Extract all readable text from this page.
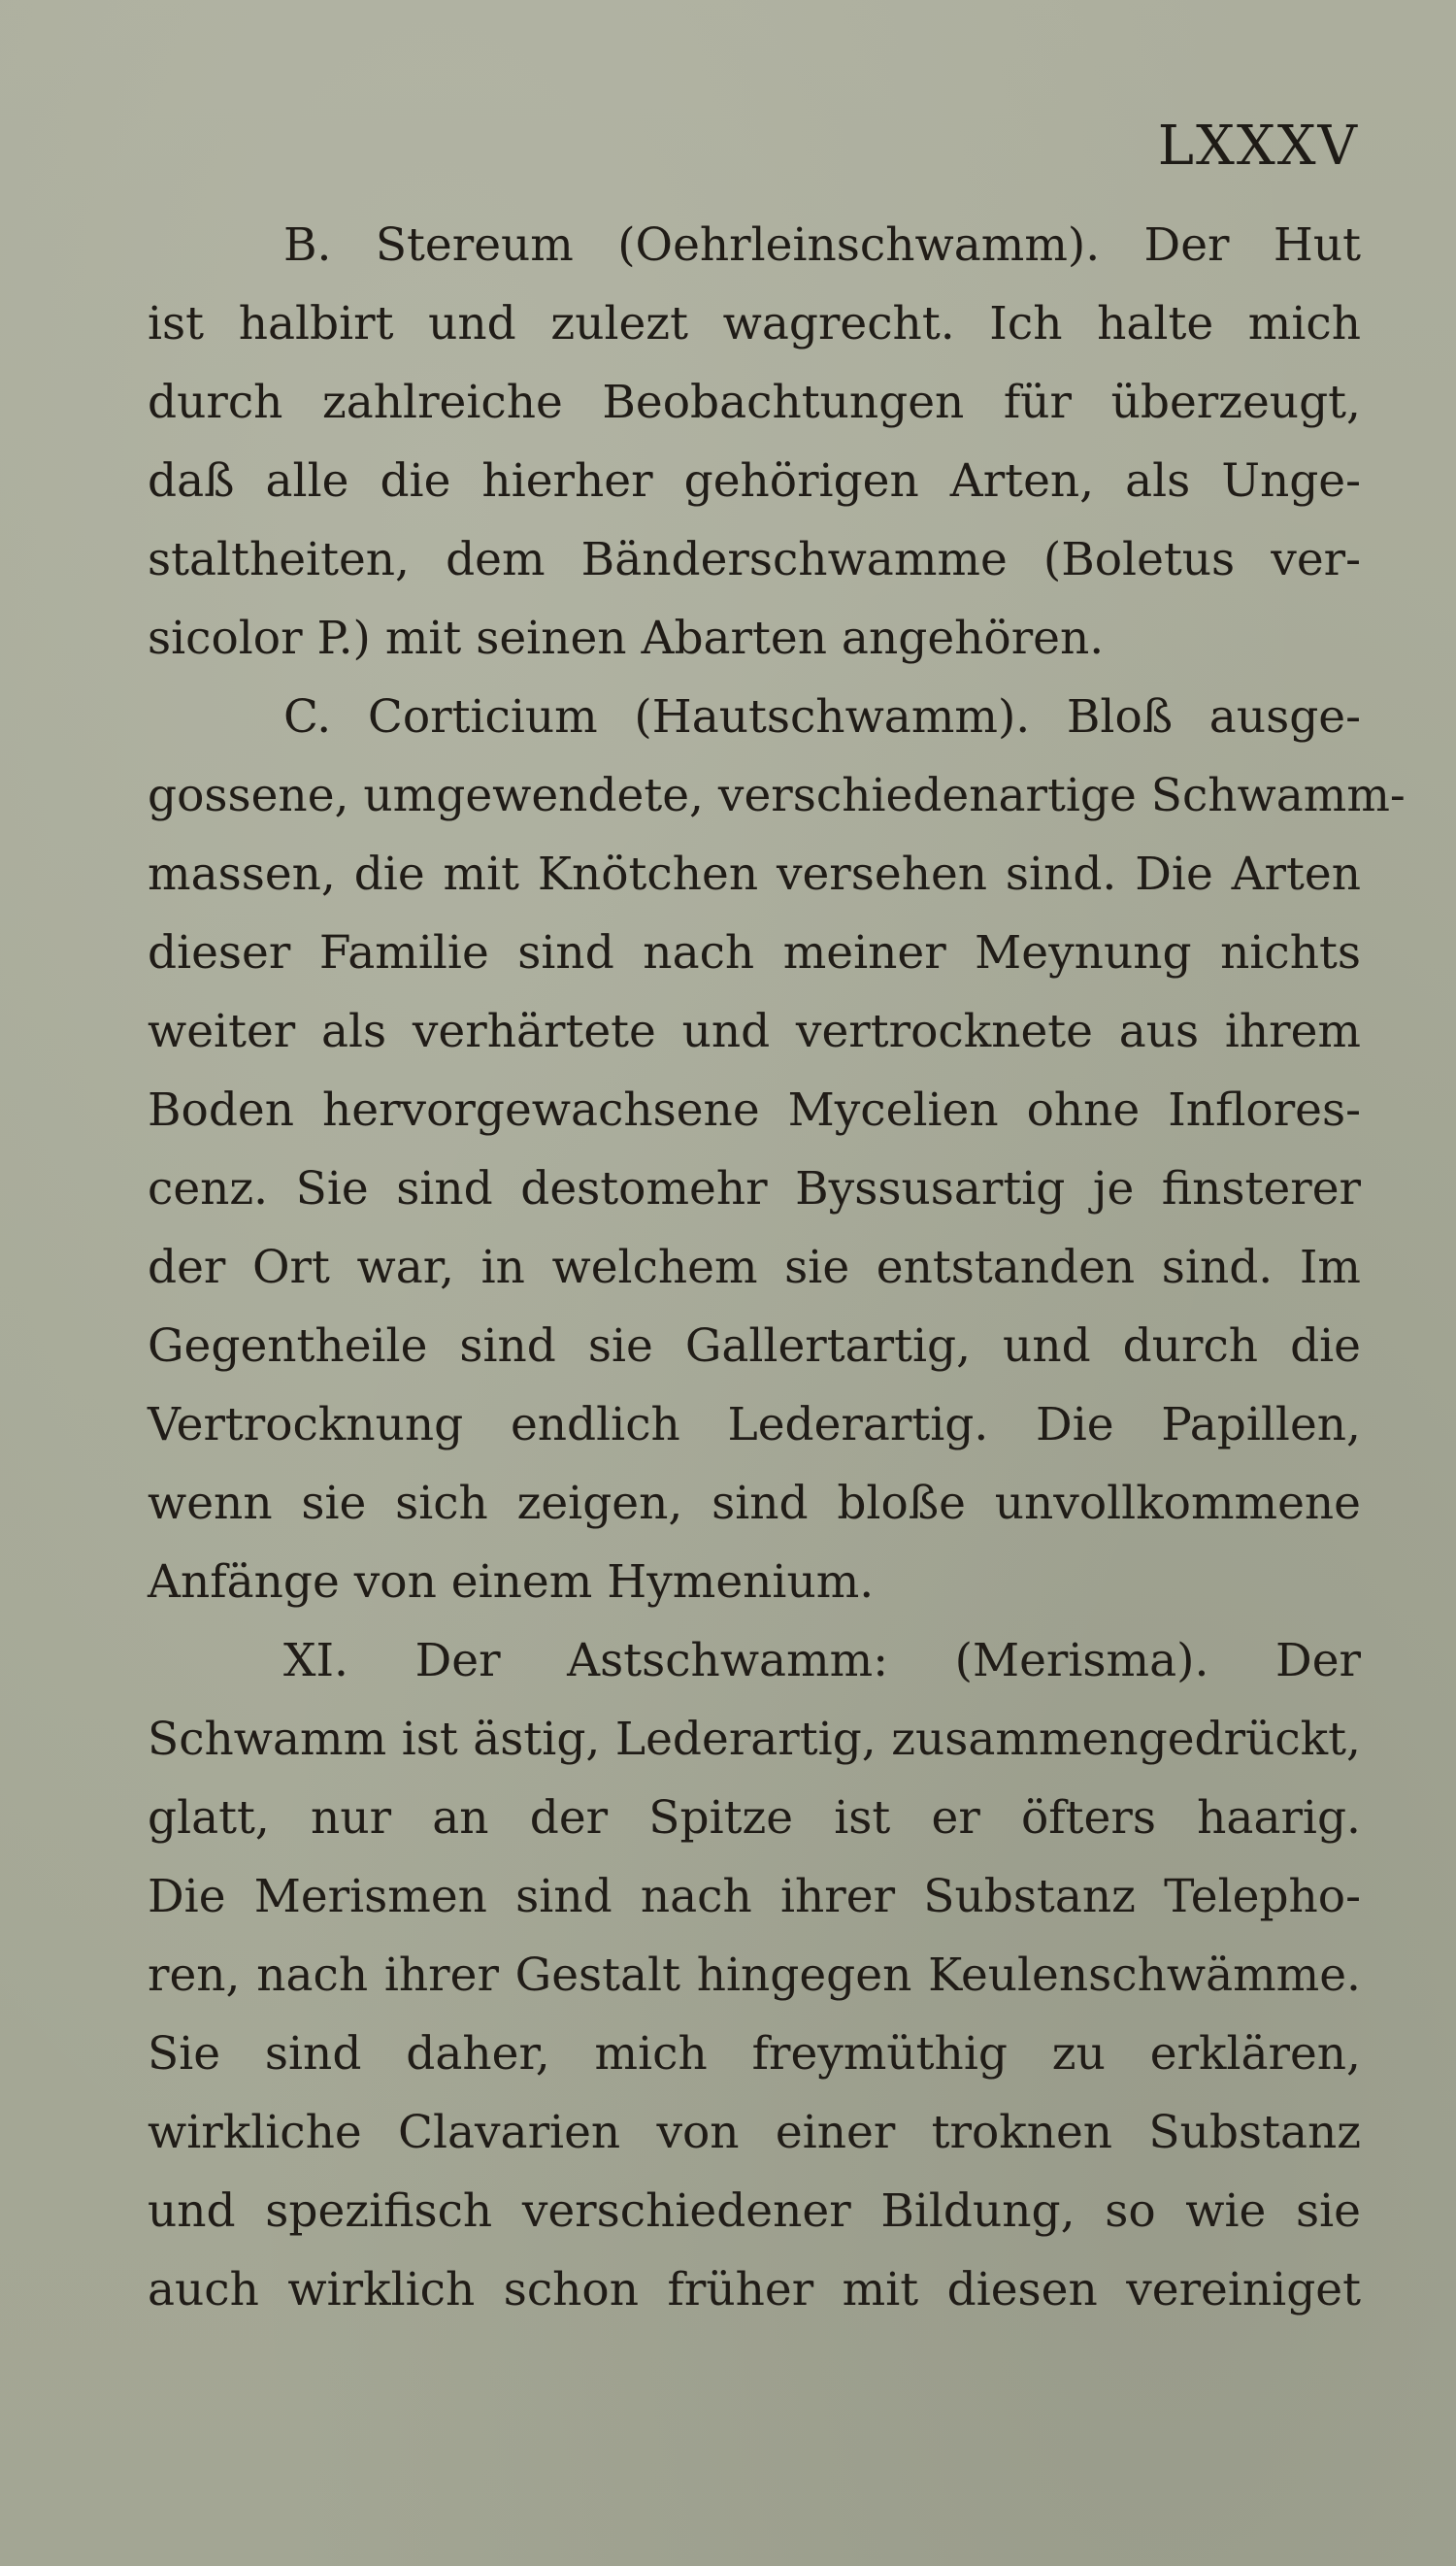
LXXXV

B. Stereum (Oehrleinschwamm). Der Hut
ist halbirt und zulezt wagrecht. Ich halte mich
durch zahlreiche Beobachtungen für überzeugt,
daß alle die hierher gehörigen Arten, als Unge-
staltheiten, dem Bänderschwamme (Boletus ver-
sicolor P.) mit seinen Abarten angehören.

C. Corticium (Hautschwamm). Bloß ausge-
gossene, umgewendete, verschiedenartige Schwamm-
massen, die mit Knötchen versehen sind. Die Arten
dieser Familie sind nach meiner Meynung nichts
weiter als verhärtete und vertrocknete aus ihrem
Boden hervorgewachsene Mycelien ohne Inflores-
cenz. Sie sind destomehr Byssusartig je finsterer
der Ort war, in welchem sie entstanden sind. Im
Gegentheile sind sie Gallertartig, und durch die
Vertrocknung endlich Lederartig. Die Papillen,
wenn sie sich zeigen, sind bloße unvollkommene
Anfänge von einem Hymenium.

XI. Der Astschwamm: (Merisma). Der
Schwamm ist ästig, Lederartig, zusammengedrückt,
glatt, nur an der Spitze ist er öfters haarig.
Die Merismen sind nach ihrer Substanz Telepho-
ren, nach ihrer Gestalt hingegen Keulenschwämme.
Sie sind daher, mich freymüthig zu erklären,
wirkliche Clavarien von einer troknen Substanz
und spezifisch verschiedener Bildung, so wie sie
auch wirklich schon früher mit diesen vereiniget
